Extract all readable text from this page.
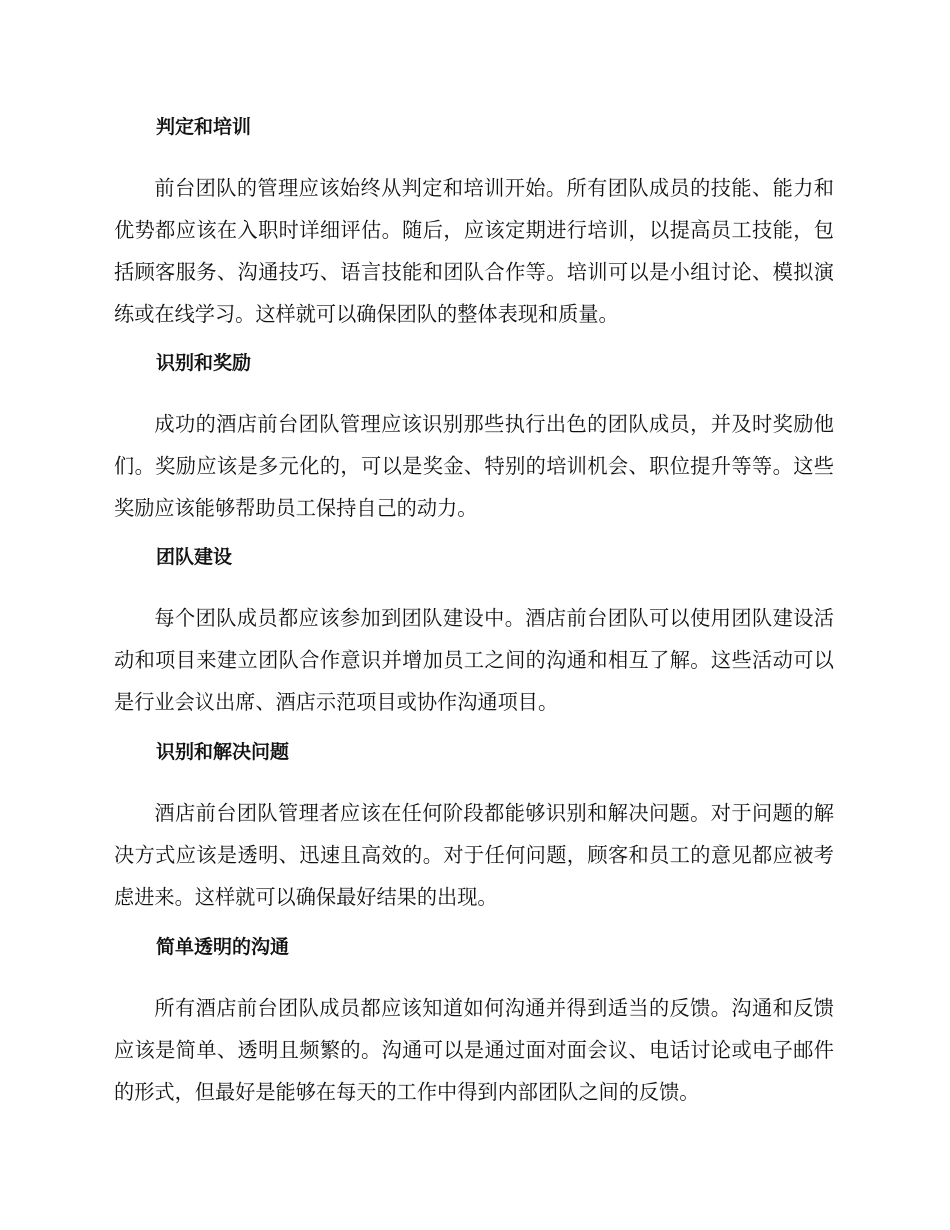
判定和培训

前台团队的管理应该始终从判定和培训开始。所有团队成员的技能、能力和优势都应该在入职时详细评估。随后，应该定期进行培训，以提高员工技能，包括顾客服务、沟通技巧、语言技能和团队合作等。培训可以是小组讨论、模拟演练或在线学习。这样就可以确保团队的整体表现和质量。

识别和奖励

成功的酒店前台团队管理应该识别那些执行出色的团队成员，并及时奖励他们。奖励应该是多元化的，可以是奖金、特别的培训机会、职位提升等等。这些奖励应该能够帮助员工保持自己的动力。

团队建设

每个团队成员都应该参加到团队建设中。酒店前台团队可以使用团队建设活动和项目来建立团队合作意识并增加员工之间的沟通和相互了解。这些活动可以是行业会议出席、酒店示范项目或协作沟通项目。

识别和解决问题

酒店前台团队管理者应该在任何阶段都能够识别和解决问题。对于问题的解决方式应该是透明、迅速且高效的。对于任何问题，顾客和员工的意见都应被考虑进来。这样就可以确保最好结果的出现。

简单透明的沟通

所有酒店前台团队成员都应该知道如何沟通并得到适当的反馈。沟通和反馈应该是简单、透明且频繁的。沟通可以是通过面对面会议、电话讨论或电子邮件的形式，但最好是能够在每天的工作中得到内部团队之间的反馈。
